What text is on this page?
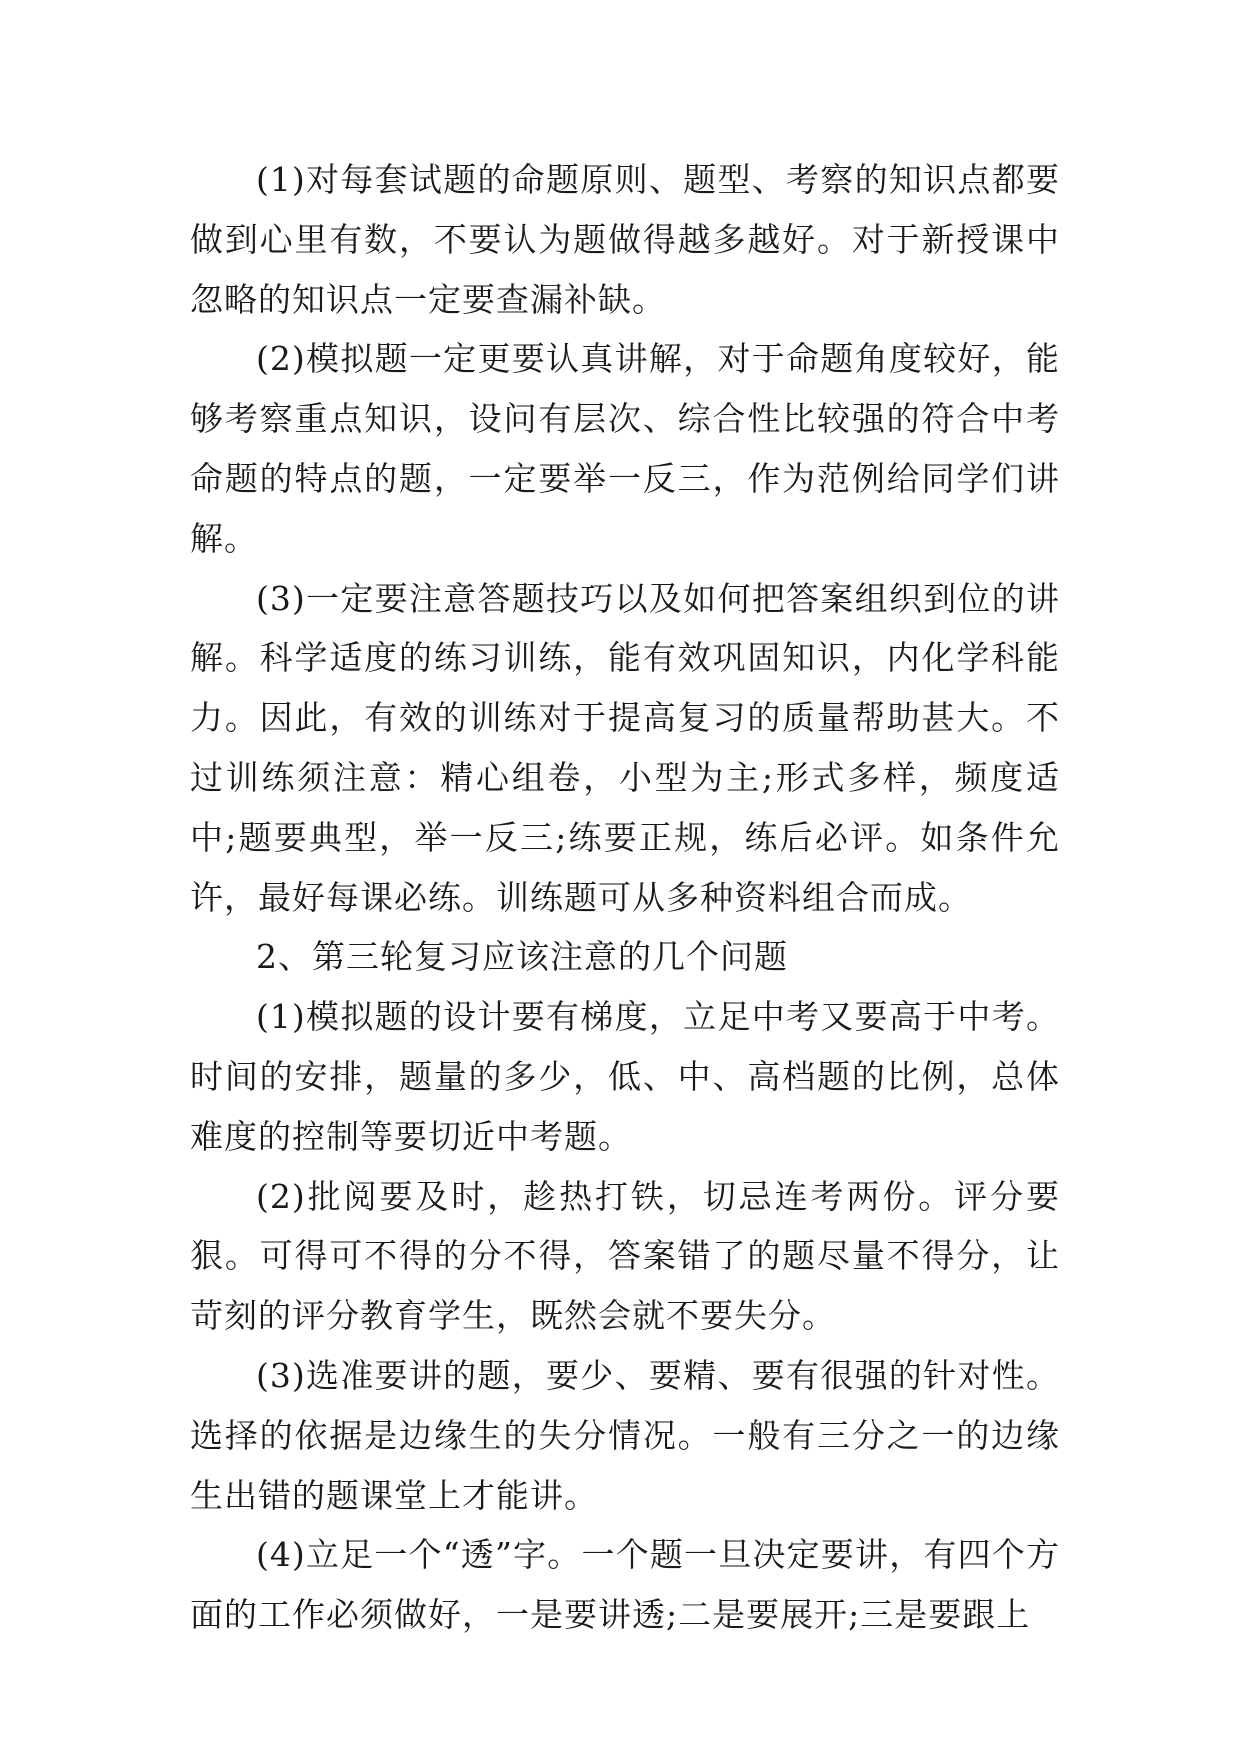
(1)对每套试题的命题原则、题型、考察的知识点都要做到心里有数，不要认为题做得越多越好。对于新授课中忽略的知识点一定要查漏补缺。

(2)模拟题一定更要认真讲解，对于命题角度较好，能够考察重点知识，设问有层次、综合性比较强的符合中考命题的特点的题，一定要举一反三，作为范例给同学们讲解。

(3)一定要注意答题技巧以及如何把答案组织到位的讲解。科学适度的练习训练，能有效巩固知识，内化学科能力。因此，有效的训练对于提高复习的质量帮助甚大。不过训练须注意：精心组卷，小型为主;形式多样，频度适中;题要典型，举一反三;练要正规，练后必评。如条件允许，最好每课必练。训练题可从多种资料组合而成。

2、第三轮复习应该注意的几个问题

(1)模拟题的设计要有梯度，立足中考又要高于中考。时间的安排，题量的多少，低、中、高档题的比例，总体难度的控制等要切近中考题。

(2)批阅要及时，趁热打铁，切忌连考两份。评分要狠。可得可不得的分不得，答案错了的题尽量不得分，让苛刻的评分教育学生，既然会就不要失分。

(3)选准要讲的题，要少、要精、要有很强的针对性。选择的依据是边缘生的失分情况。一般有三分之一的边缘生出错的题课堂上才能讲。

(4)立足一个“透”字。一个题一旦决定要讲，有四个方面的工作必须做好，一是要讲透;二是要展开;三是要跟上
